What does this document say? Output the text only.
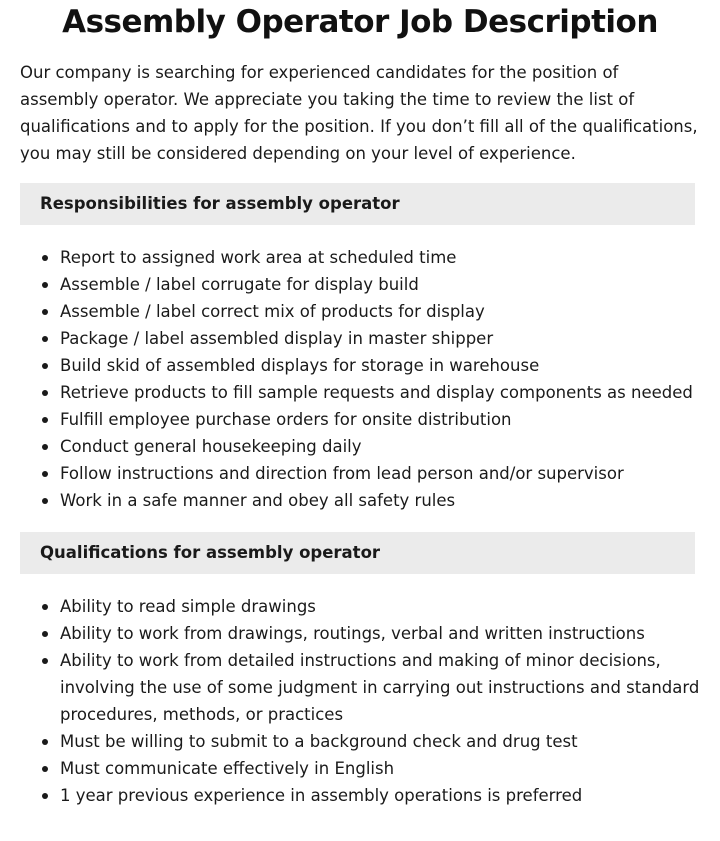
Assembly Operator Job Description

Our company is searching for experienced candidates for the position of assembly operator. We appreciate you taking the time to review the list of qualifications and to apply for the position. If you don’t fill all of the qualifications, you may still be considered depending on your level of experience.

Responsibilities for assembly operator
Report to assigned work area at scheduled time
Assemble / label corrugate for display build
Assemble / label correct mix of products for display
Package / label assembled display in master shipper
Build skid of assembled displays for storage in warehouse
Retrieve products to fill sample requests and display components as needed
Fulfill employee purchase orders for onsite distribution
Conduct general housekeeping daily
Follow instructions and direction from lead person and/or supervisor
Work in a safe manner and obey all safety rules
Qualifications for assembly operator
Ability to read simple drawings
Ability to work from drawings, routings, verbal and written instructions
Ability to work from detailed instructions and making of minor decisions, involving the use of some judgment in carrying out instructions and standard procedures, methods, or practices
Must be willing to submit to a background check and drug test
Must communicate effectively in English
1 year previous experience in assembly operations is preferred
